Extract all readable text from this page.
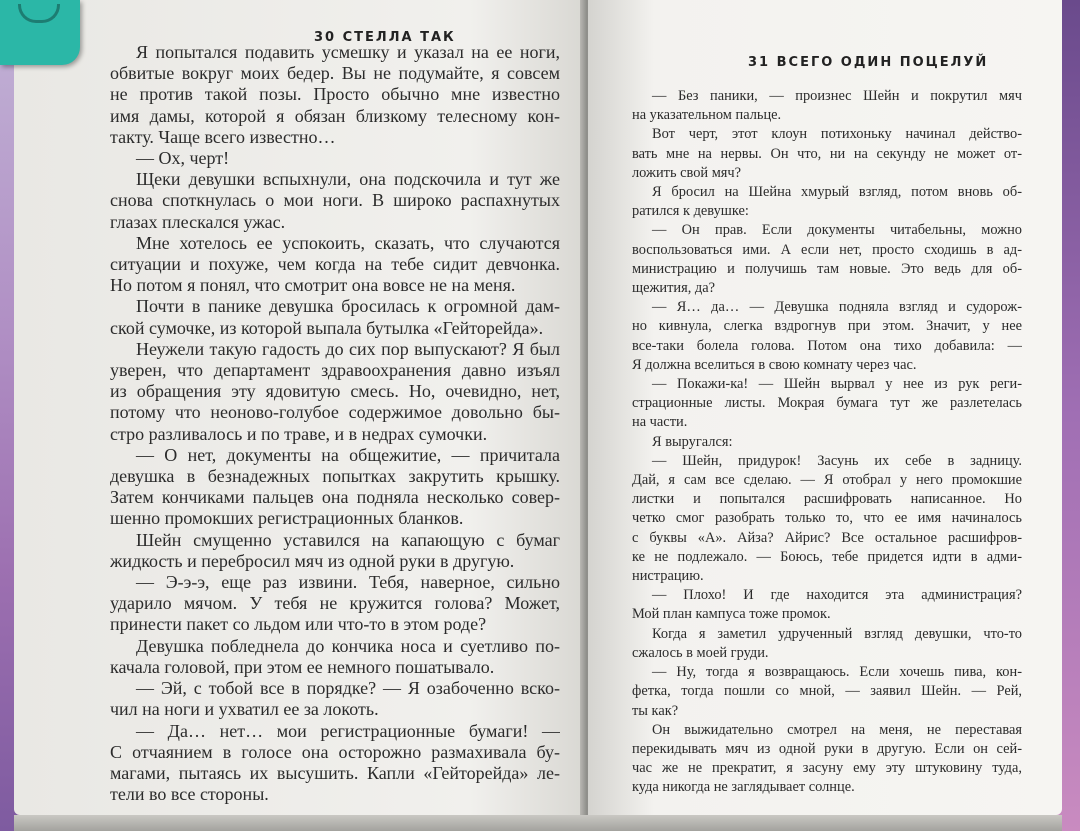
30 СТЕЛЛА ТАК
Я попытался подавить усмешку и указал на ее ноги,
обвитые вокруг моих бедер. Вы не подумайте, я совсем
не против такой позы. Просто обычно мне известно
имя дамы, которой я обязан близкому телесному кон-
такту. Чаще всего известно…
— Ох, черт!
Щеки девушки вспыхнули, она подскочила и тут же
снова споткнулась о мои ноги. В широко распахнутых
глазах плескался ужас.
Мне хотелось ее успокоить, сказать, что случаются
ситуации и похуже, чем когда на тебе сидит девчонка.
Но потом я понял, что смотрит она вовсе не на меня.
Почти в панике девушка бросилась к огромной дам-
ской сумочке, из которой выпала бутылка «Гейторейда».
Неужели такую гадость до сих пор выпускают? Я был
уверен, что департамент здравоохранения давно изъял
из обращения эту ядовитую смесь. Но, очевидно, нет,
потому что неоново-голубое содержимое довольно бы-
стро разливалось и по траве, и в недрах сумочки.
— О нет, документы на общежитие, — причитала
девушка в безнадежных попытках закрутить крышку.
Затем кончиками пальцев она подняла несколько совер-
шенно промокших регистрационных бланков.
Шейн смущенно уставился на капающую с бумаг
жидкость и перебросил мяч из одной руки в другую.
— Э-э-э, еще раз извини. Тебя, наверное, сильно
ударило мячом. У тебя не кружится голова? Может,
принести пакет со льдом или что-то в этом роде?
Девушка побледнела до кончика носа и суетливо по-
качала головой, при этом ее немного пошатывало.
— Эй, с тобой все в порядке? — Я озабоченно вско-
чил на ноги и ухватил ее за локоть.
— Да… нет… мои регистрационные бумаги! —
С отчаянием в голосе она осторожно размахивала бу-
магами, пытаясь их высушить. Капли «Гейторейда» ле-
тели во все стороны.
31 ВСЕГО ОДИН ПОЦЕЛУЙ
— Без паники, — произнес Шейн и покрутил мяч
на указательном пальце.
Вот черт, этот клоун потихоньку начинал действо-
вать мне на нервы. Он что, ни на секунду не может от-
ложить свой мяч?
Я бросил на Шейна хмурый взгляд, потом вновь об-
ратился к девушке:
— Он прав. Если документы читабельны, можно
воспользоваться ими. А если нет, просто сходишь в ад-
министрацию и получишь там новые. Это ведь для об-
щежития, да?
— Я… да… — Девушка подняла взгляд и судорож-
но кивнула, слегка вздрогнув при этом. Значит, у нее
все-таки болела голова. Потом она тихо добавила: —
Я должна вселиться в свою комнату через час.
— Покажи-ка! — Шейн вырвал у нее из рук реги-
страционные листы. Мокрая бумага тут же разлетелась
на части.
Я выругался:
— Шейн, придурок! Засунь их себе в задницу.
Дай, я сам все сделаю. — Я отобрал у него промокшие
листки и попытался расшифровать написанное. Но
четко смог разобрать только то, что ее имя начиналось
с буквы «А». Айза? Айрис? Все остальное расшифров-
ке не подлежало. — Боюсь, тебе придется идти в адми-
нистрацию.
— Плохо! И где находится эта администрация?
Мой план кампуса тоже промок.
Когда я заметил удрученный взгляд девушки, что-то
сжалось в моей груди.
— Ну, тогда я возвращаюсь. Если хочешь пива, кон-
фетка, тогда пошли со мной, — заявил Шейн. — Рей,
ты как?
Он выжидательно смотрел на меня, не переставая
перекидывать мяч из одной руки в другую. Если он сей-
час же не прекратит, я засуну ему эту штуковину туда,
куда никогда не заглядывает солнце.
